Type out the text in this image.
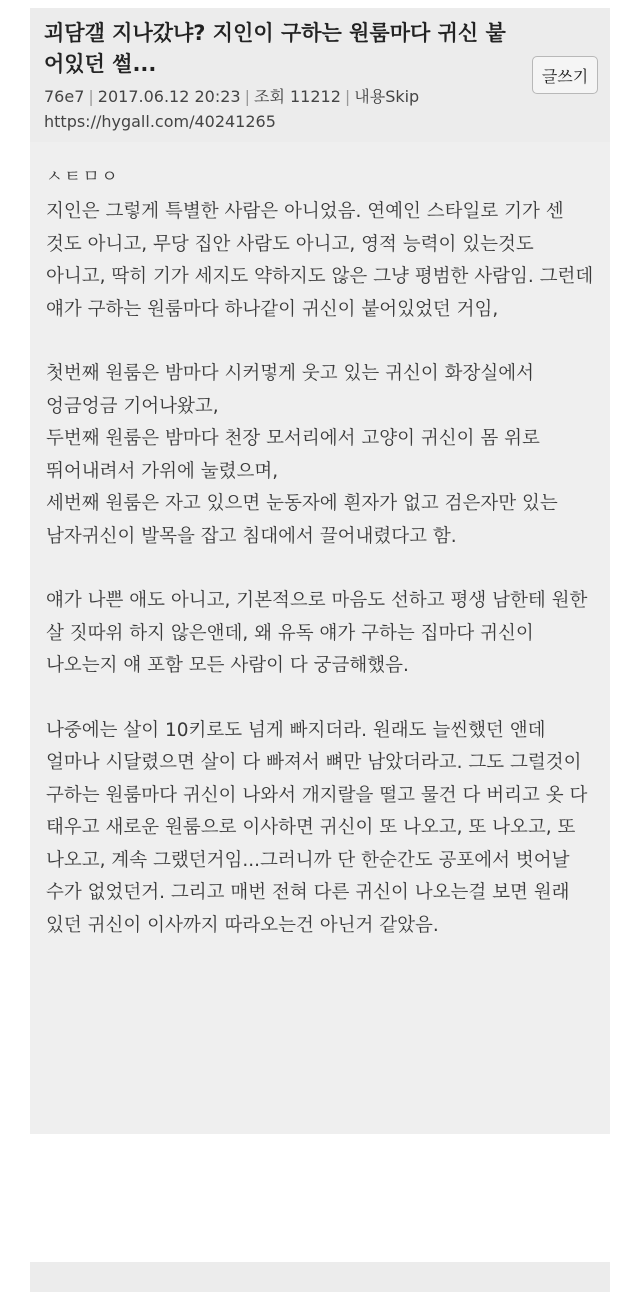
괴담갤 지나갔냐? 지인이 구하는 원룸마다 귀신 붙어있던 썰...	글쓰기
76e7 | 2017.06.12 20:23 | 조회 11212 | 내용Skip
https://hygall.com/40241265

ㅅㅌㅁㅇ

지인은 그렇게 특별한 사람은 아니었음. 연예인 스타일로 기가 센 것도 아니고, 무당 집안 사람도 아니고, 영적 능력이 있는것도 아니고, 딱히 기가 세지도 약하지도 않은 그냥 평범한 사람임. 그런데 얘가 구하는 원룸마다 하나같이 귀신이 붙어있었던 거임,

첫번째 원룸은 밤마다 시커멓게 웃고 있는 귀신이 화장실에서 엉금엉금 기어나왔고,

두번째 원룸은 밤마다 천장 모서리에서 고양이 귀신이 몸 위로 뛰어내려서 가위에 눌렸으며,

세번째 원룸은 자고 있으면 눈동자에 흰자가 없고 검은자만 있는 남자귀신이 발목을 잡고 침대에서 끌어내렸다고 함.

얘가 나쁜 애도 아니고, 기본적으로 마음도 선하고 평생 남한테 원한 살 짓따위 하지 않은앤데, 왜 유독 얘가 구하는 집마다 귀신이 나오는지 얘 포함 모든 사람이 다 궁금해했음.

나중에는 살이 10키로도 넘게 빠지더라. 원래도 늘씬했던 앤데 얼마나 시달렸으면 살이 다 빠져서 뼈만 남았더라고. 그도 그럴것이 구하는 원룸마다 귀신이 나와서 개지랄을 떨고 물건 다 버리고 옷 다 태우고 새로운 원룸으로 이사하면 귀신이 또 나오고, 또 나오고, 또 나오고, 계속 그랬던거임...그러니까 단 한순간도 공포에서 벗어날 수가 없었던거. 그리고 매번 전혀 다른 귀신이 나오는걸 보면 원래 있던 귀신이 이사까지 따라오는건 아닌거 같았음.
